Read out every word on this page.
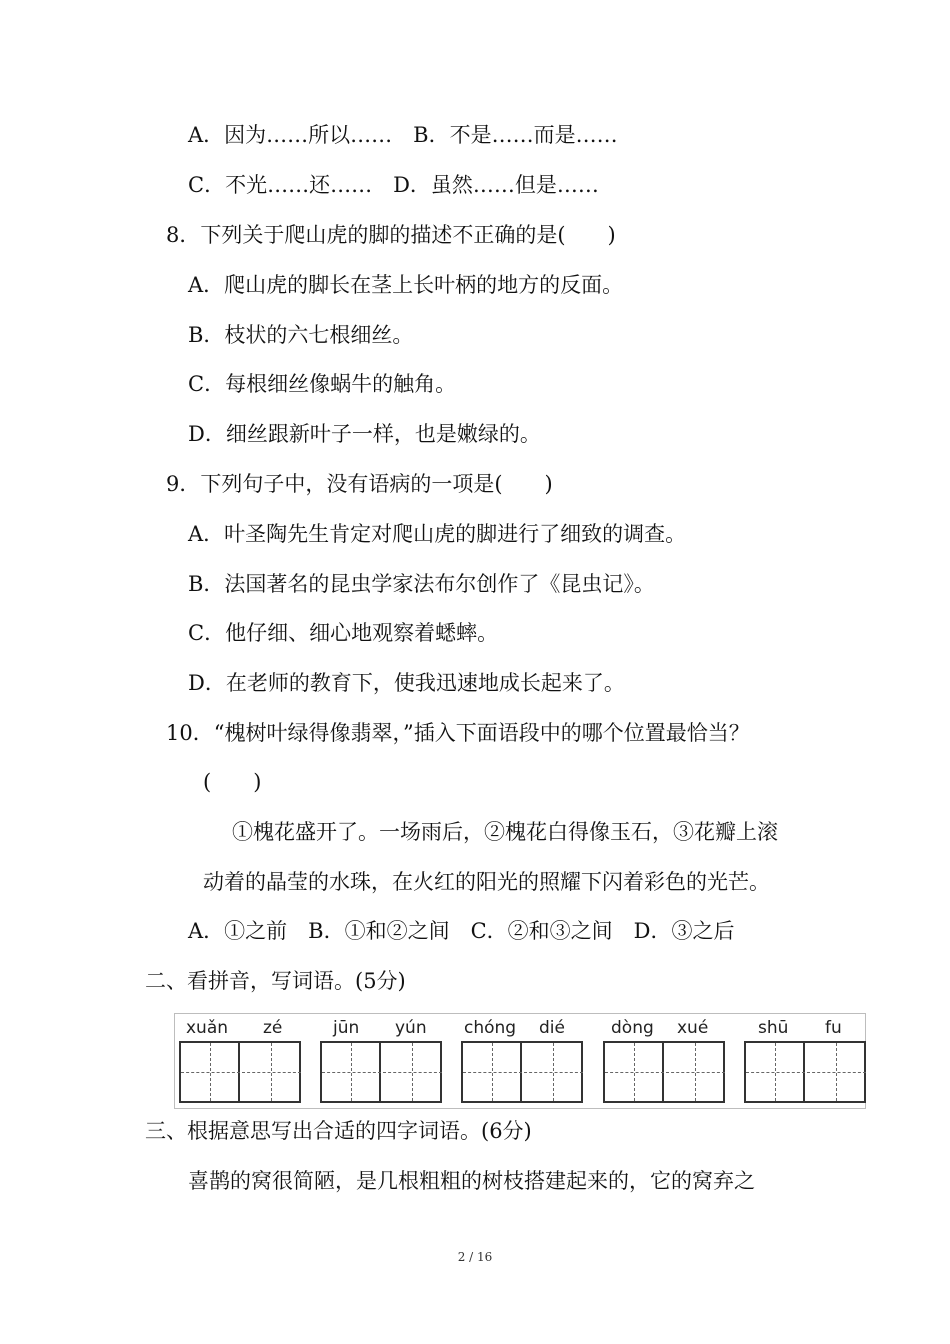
A．因为……所以……　B．不是……而是……
C．不光……还……　D．虽然……但是……
8．下列关于爬山虎的脚的描述不正确的是(　　)
A．爬山虎的脚长在茎上长叶柄的地方的反面。
B．枝状的六七根细丝。
C．每根细丝像蜗牛的触角。
D．细丝跟新叶子一样，也是嫩绿的。
9．下列句子中，没有语病的一项是(　　)
A．叶圣陶先生肯定对爬山虎的脚进行了细致的调查。
B．法国著名的昆虫学家法布尔创作了《昆虫记》。
C．他仔细、细心地观察着蟋蟀。
D．在老师的教育下，使我迅速地成长起来了。
10．“槐树叶绿得像翡翠，”插入下面语段中的哪个位置最恰当？
(　　)
①槐花盛开了。一场雨后，②槐花白得像玉石，③花瓣上滚
动着的晶莹的水珠，在火红的阳光的照耀下闪着彩色的光芒。
A．①之前　B．①和②之间　C．②和③之间　D．③之后
二、看拼音，写词语。(5分)
xuǎn zé	jūn yún chóng dié	dòng xué	shū fu
三、根据意思写出合适的四字词语。(6分)
喜鹊的窝很简陋，是几根粗粗的树枝搭建起来的，它的窝弃之
2 / 16
